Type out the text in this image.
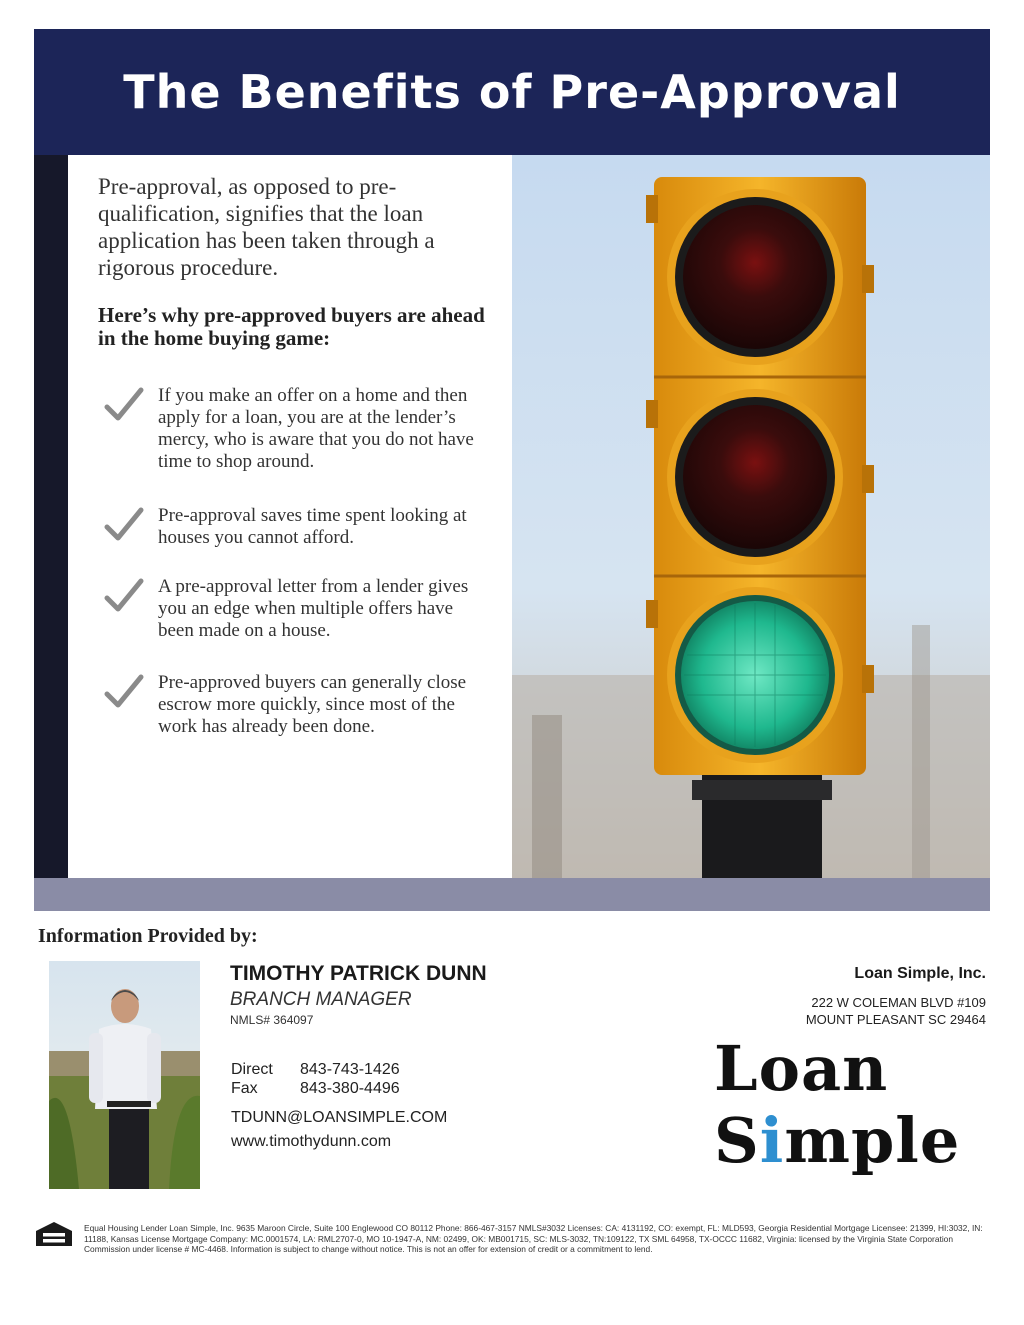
The Benefits of Pre-Approval
Pre-approval, as opposed to pre-qualification, signifies that the loan application has been taken through a rigorous procedure.
Here’s why pre-approved buyers are ahead in the home buying game:
If you make an offer on a home and then apply for a loan, you are at the lender’s mercy, who is aware that you do not have time to shop around.
Pre-approval saves time spent looking at houses you cannot afford.
A pre-approval letter from a lender gives you an edge when multiple offers have been made on a house.
Pre-approved buyers can generally close escrow more quickly, since most of the work has already been done.
Information Provided by:
TIMOTHY PATRICK DUNN
BRANCH MANAGER
NMLS# 364097
Direct	843-743-1426
Fax	843-380-4496
TDUNN@LOANSIMPLE.COM
www.timothydunn.com
Loan Simple, Inc.
222 W COLEMAN BLVD #109
MOUNT PLEASANT SC 29464
Loan
Simple
Equal Housing Lender Loan Simple, Inc. 9635 Maroon Circle, Suite 100 Englewood CO 80112 Phone: 866-467-3157 NMLS#3032 Licenses: CA: 4131192, CO: exempt, FL: MLD593, Georgia Residential Mortgage Licensee: 21399, HI:3032, IN: 11188, Kansas License Mortgage Company: MC.0001574, LA: RML2707-0, MO 10-1947-A, NM: 02499, OK: MB001715, SC: MLS-3032, TN:109122, TX SML 64958, TX-OCCC 11682, Virginia: licensed by the Virginia State Corporation Commission under license # MC-4468. Information is subject to change without notice. This is not an offer for extension of credit or a commitment to lend.
